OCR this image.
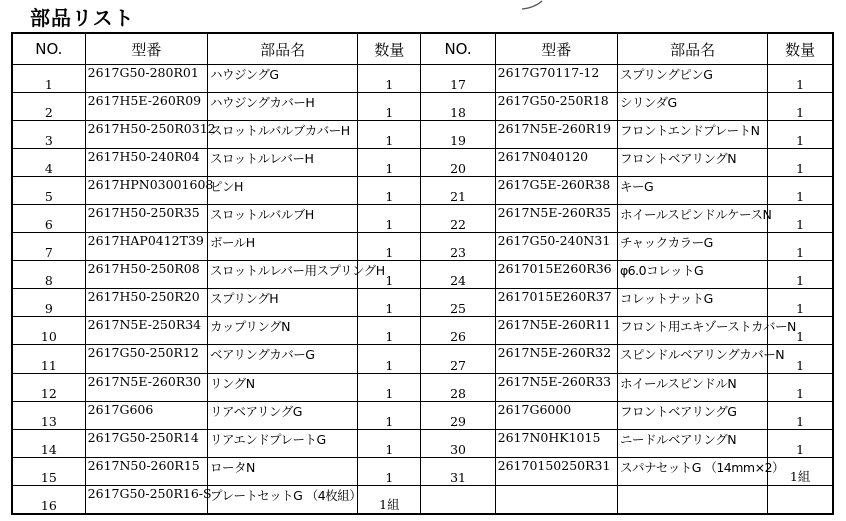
部品リスト
NO.	型番	部品名	数量	NO.	型番	部品名	数量
1	2617G50-280R01	ハウジングG	1	17	2617G70117-12	スプリングピンG	1
2	2617H5E-260R09	ハウジングカバーH	1	18	2617G50-250R18	シリンダG	1
3	2617H50-250R0312	スロットルバルブカバーH	1	19	2617N5E-260R19	フロントエンドプレートN	1
4	2617H50-240R04	スロットルレバーH	1	20	2617N040120	フロントベアリングN	1
5	2617HPN03001608	ピンH	1	21	2617G5E-260R38	キーG	1
6	2617H50-250R35	スロットルバルブH	1	22	2617N5E-260R35	ホイールスピンドルケースN	1
7	2617HAP0412T39	ボールH	1	23	2617G50-240N31	チャックカラーG	1
8	2617H50-250R08	スロットルレバー用スプリングH	1	24	2617015E260R36	φ6.0コレットG	1
9	2617H50-250R20	スプリングH	1	25	2617015E260R37	コレットナットG	1
10	2617N5E-250R34	カップリングN	1	26	2617N5E-260R11	フロント用エキゾーストカバーN	1
11	2617G50-250R12	ベアリングカバーG	1	27	2617N5E-260R32	スピンドルベアリングカバーN	1
12	2617N5E-260R30	リングN	1	28	2617N5E-260R33	ホイールスピンドルN	1
13	2617G606	リアベアリングG	1	29	2617G6000	フロントベアリングG	1
14	2617G50-250R14	リアエンドプレートG	1	30	2617N0HK1015	ニードルベアリングN	1
15	2617N50-260R15	ロータN	1	31	26170150250R31	スパナセットG （14mm×2）	1組
16	2617G50-250R16-S	プレートセットG （4枚組）	1組				
